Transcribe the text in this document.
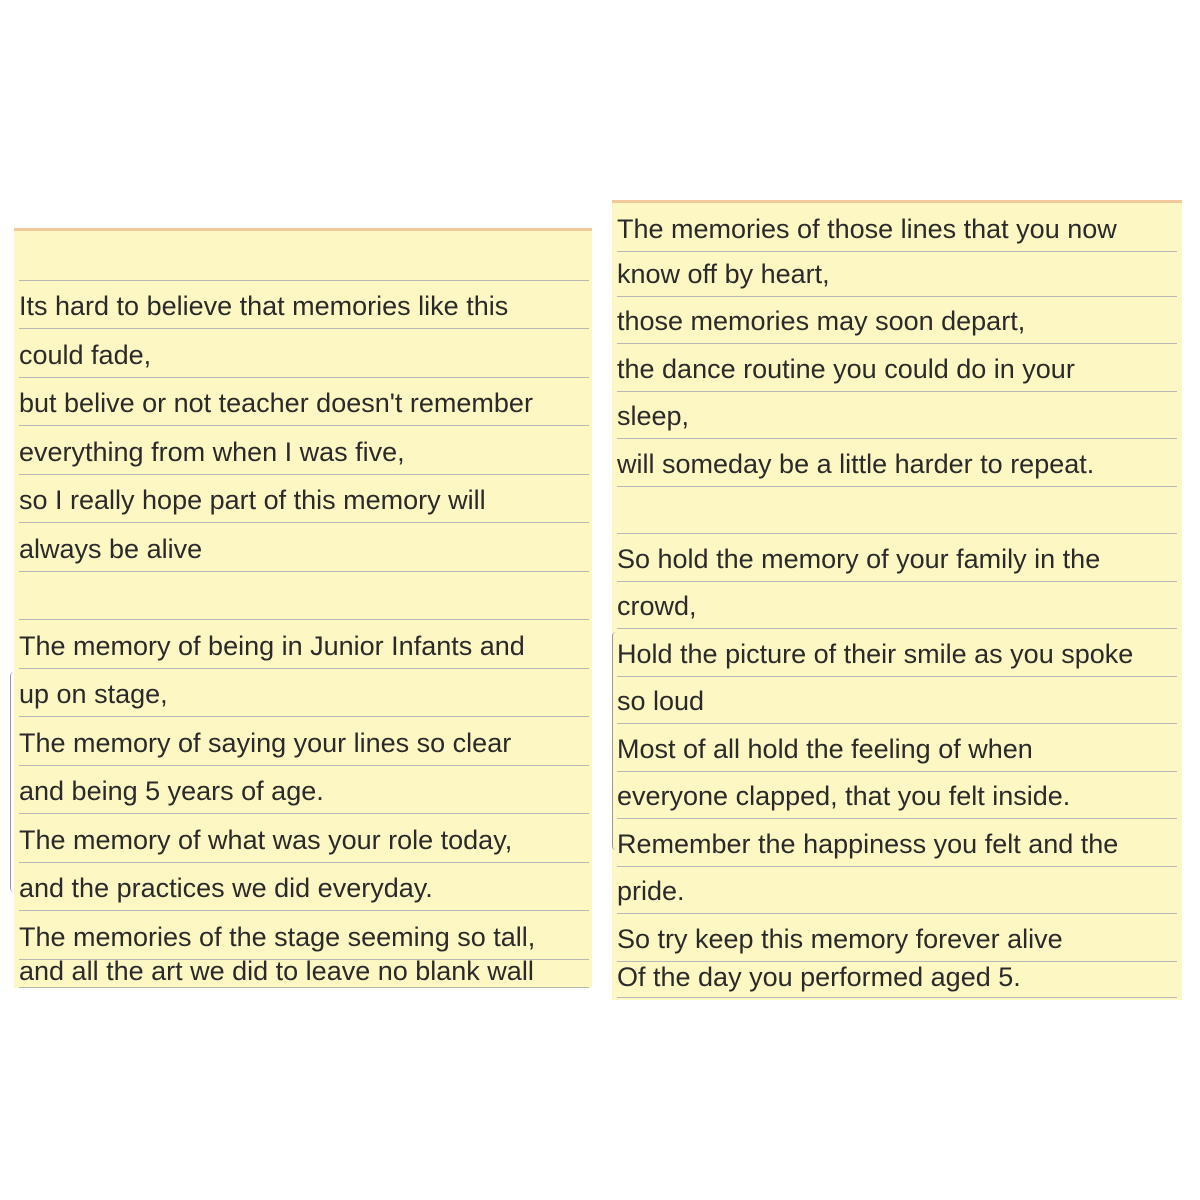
Its hard to believe that memories like this
could fade,
but belive or not teacher doesn't remember
everything from when I was five,
so I really hope part of this memory will
always be alive
The memory of being in Junior Infants and
up on stage,
The memory of saying your lines so clear
and being 5 years of age.
The memory of what was your role today,
and the practices we did everyday.
The memories of the stage seeming so tall,
and all the art we did to leave no blank wall
The memories of those lines that you now
know off by heart,
those memories may soon depart,
the dance routine you could do in your
sleep,
will someday be a little harder to repeat.
So hold the memory of your family in the
crowd,
Hold the picture of their smile as you spoke
so loud
Most of all hold the feeling of when
everyone clapped, that you felt inside.
Remember the happiness you felt and the
pride.
So try keep this memory forever alive
Of the day you performed aged 5.
